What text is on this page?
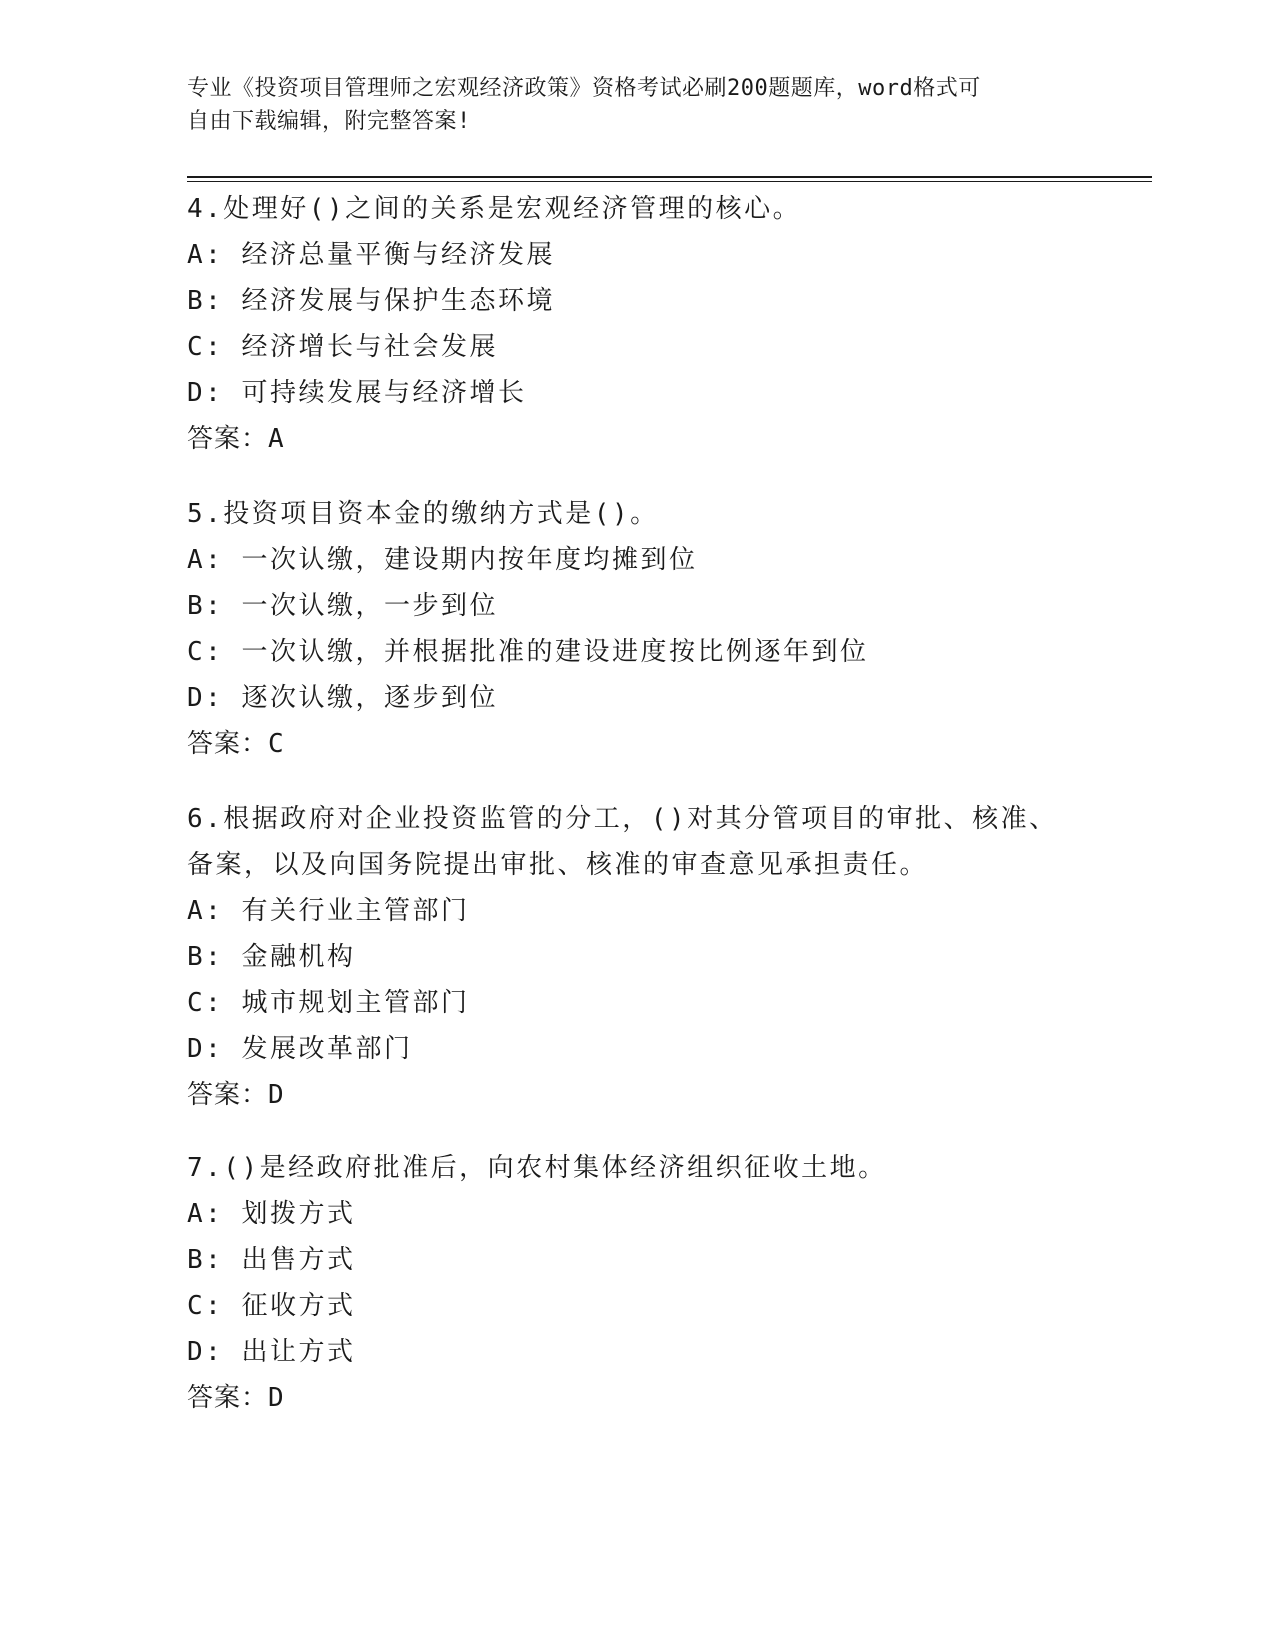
专业《投资项目管理师之宏观经济政策》资格考试必刷200题题库，word格式可
自由下载编辑，附完整答案!
4.处理好()之间的关系是宏观经济管理的核心。
A: 经济总量平衡与经济发展
B: 经济发展与保护生态环境
C: 经济增长与社会发展
D: 可持续发展与经济增长
答案：A
5.投资项目资本金的缴纳方式是()。
A: 一次认缴，建设期内按年度均摊到位
B: 一次认缴，一步到位
C: 一次认缴，并根据批准的建设进度按比例逐年到位
D: 逐次认缴，逐步到位
答案：C
6.根据政府对企业投资监管的分工，()对其分管项目的审批、核准、
备案，以及向国务院提出审批、核准的审查意见承担责任。
A: 有关行业主管部门
B: 金融机构
C: 城市规划主管部门
D: 发展改革部门
答案：D
7.()是经政府批准后，向农村集体经济组织征收土地。
A: 划拨方式
B: 出售方式
C: 征收方式
D: 出让方式
答案：D
